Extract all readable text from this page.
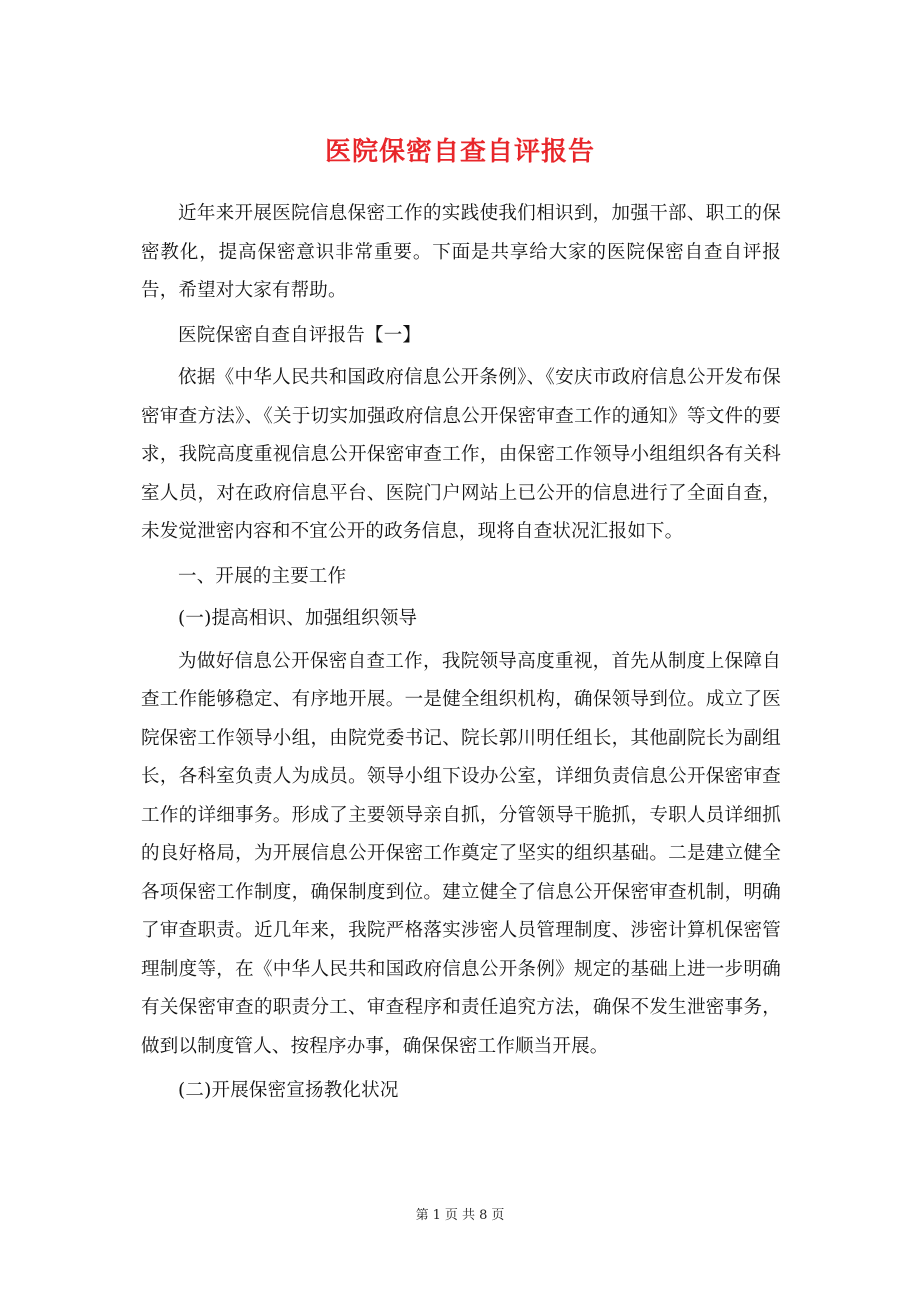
医院保密自查自评报告

近年来开展医院信息保密工作的实践使我们相识到，加强干部、职工的保密教化，提高保密意识非常重要。下面是共享给大家的医院保密自查自评报告，希望对大家有帮助。

医院保密自查自评报告【一】

依据《中华人民共和国政府信息公开条例》、《安庆市政府信息公开发布保密审查方法》、《关于切实加强政府信息公开保密审查工作的通知》等文件的要求，我院高度重视信息公开保密审查工作，由保密工作领导小组组织各有关科室人员，对在政府信息平台、医院门户网站上已公开的信息进行了全面自查，未发觉泄密内容和不宜公开的政务信息，现将自查状况汇报如下。

一、开展的主要工作

(一)提高相识、加强组织领导

为做好信息公开保密自查工作，我院领导高度重视，首先从制度上保障自查工作能够稳定、有序地开展。一是健全组织机构，确保领导到位。成立了医院保密工作领导小组，由院党委书记、院长郭川明任组长，其他副院长为副组长，各科室负责人为成员。领导小组下设办公室，详细负责信息公开保密审查工作的详细事务。形成了主要领导亲自抓，分管领导干脆抓，专职人员详细抓的良好格局，为开展信息公开保密工作奠定了坚实的组织基础。二是建立健全各项保密工作制度，确保制度到位。建立健全了信息公开保密审查机制，明确了审查职责。近几年来，我院严格落实涉密人员管理制度、涉密计算机保密管理制度等，在《中华人民共和国政府信息公开条例》规定的基础上进一步明确有关保密审查的职责分工、审查程序和责任追究方法，确保不发生泄密事务，做到以制度管人、按程序办事，确保保密工作顺当开展。

(二)开展保密宣扬教化状况

第 1 页 共 8 页
